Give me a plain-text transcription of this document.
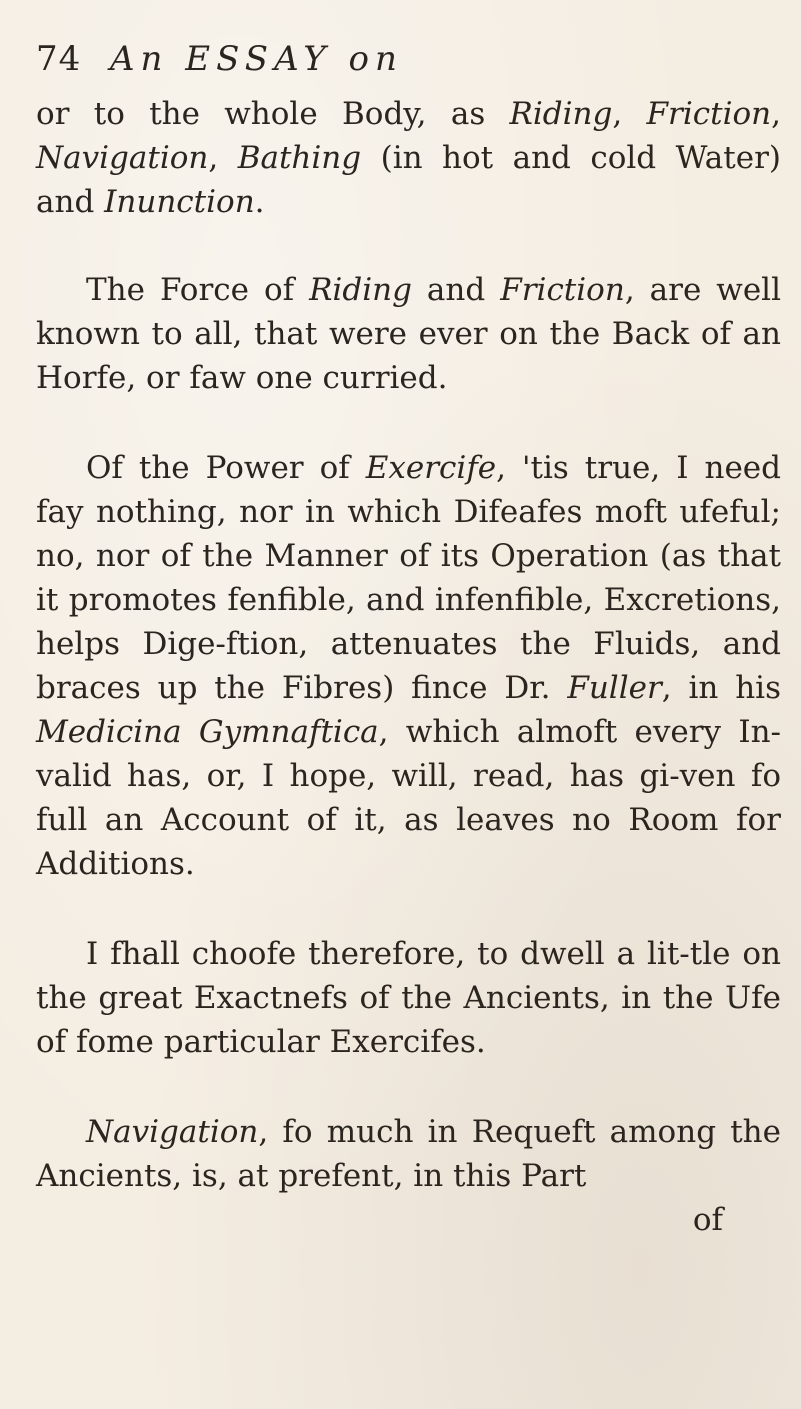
74 An ESSAY on

or to the whole Body, as Riding, Friction, Navigation, Bathing (in hot and cold Water) and Inunction.

The Force of Riding and Friction, are well known to all, that were ever on the Back of an Horfe, or faw one curried.

Of the Power of Exercife, 'tis true, I need fay nothing, nor in which Difeafes moft ufeful; no, nor of the Manner of its Operation (as that it promotes fenfible, and infenfible, Excretions, helps Dige-ftion, attenuates the Fluids, and braces up the Fibres) fince Dr. Fuller, in his Medicina Gymnaftica, which almoft every In-valid has, or, I hope, will, read, has gi-ven fo full an Account of it, as leaves no Room for Additions.

I fhall choofe therefore, to dwell a lit-tle on the great Exactnefs of the Ancients, in the Ufe of fome particular Exercifes.

Navigation, fo much in Requeft among the Ancients, is, at prefent, in this Part

of
